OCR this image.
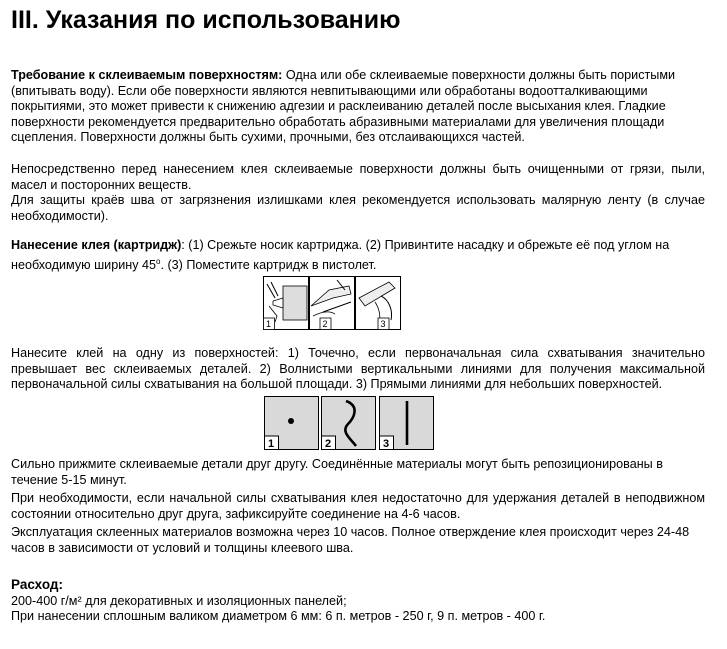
III. Указания по использованию

Требование к склеиваемым поверхностям: Одна или обе склеиваемые поверхности должны быть пористыми (впитывать воду). Если обе поверхности являются невпитывающими или обработаны водоотталкивающими покрытиями, это может привести к снижению адгезии и расклеиванию деталей после высыхания клея. Гладкие поверхности рекомендуется предварительно обработать абразивными материалами для увеличения площади сцепления. Поверхности должны быть сухими, прочными, без отслаивающихся частей.

Непосредственно перед нанесением клея склеиваемые поверхности должны быть очищенными от грязи, пыли, масел и посторонних веществ.

Для защиты краёв шва от загрязнения излишками клея рекомендуется использовать малярную ленту (в случае необходимости).

Нанесение клея (картридж): (1) Срежьте носик картриджа. (2) Привинтите насадку и обрежьте её под углом на необходимую ширину 45$^o$. (3) Поместите картридж в пистолет.

1	2	3

Нанесите клей на одну из поверхностей: 1) Точечно, если первоначальная сила схватывания значительно превышает вес склеиваемых деталей. 2) Волнистыми вертикальными линиями для получения максимальной первоначальной силы схватывания на большой площади. 3) Прямыми линиями для небольших поверхностей.

1	2	3

Сильно прижмите склеиваемые детали друг другу. Соединённые материалы могут быть репозиционированы в течение 5-15 минут.

При необходимости, если начальной силы схватывания клея недостаточно для удержания деталей в неподвижном состоянии относительно друг друга, зафиксируйте соединение на 4-6 часов.

Эксплуатация склеенных материалов возможна через 10 часов. Полное отверждение клея происходит через 24-48 часов в зависимости от условий и толщины клеевого шва.

Расход:

200-400 г/м² для декоративных и изоляционных панелей;

При нанесении сплошным валиком диаметром 6 мм: 6 п. метров - 250 г, 9 п. метров - 400 г.
